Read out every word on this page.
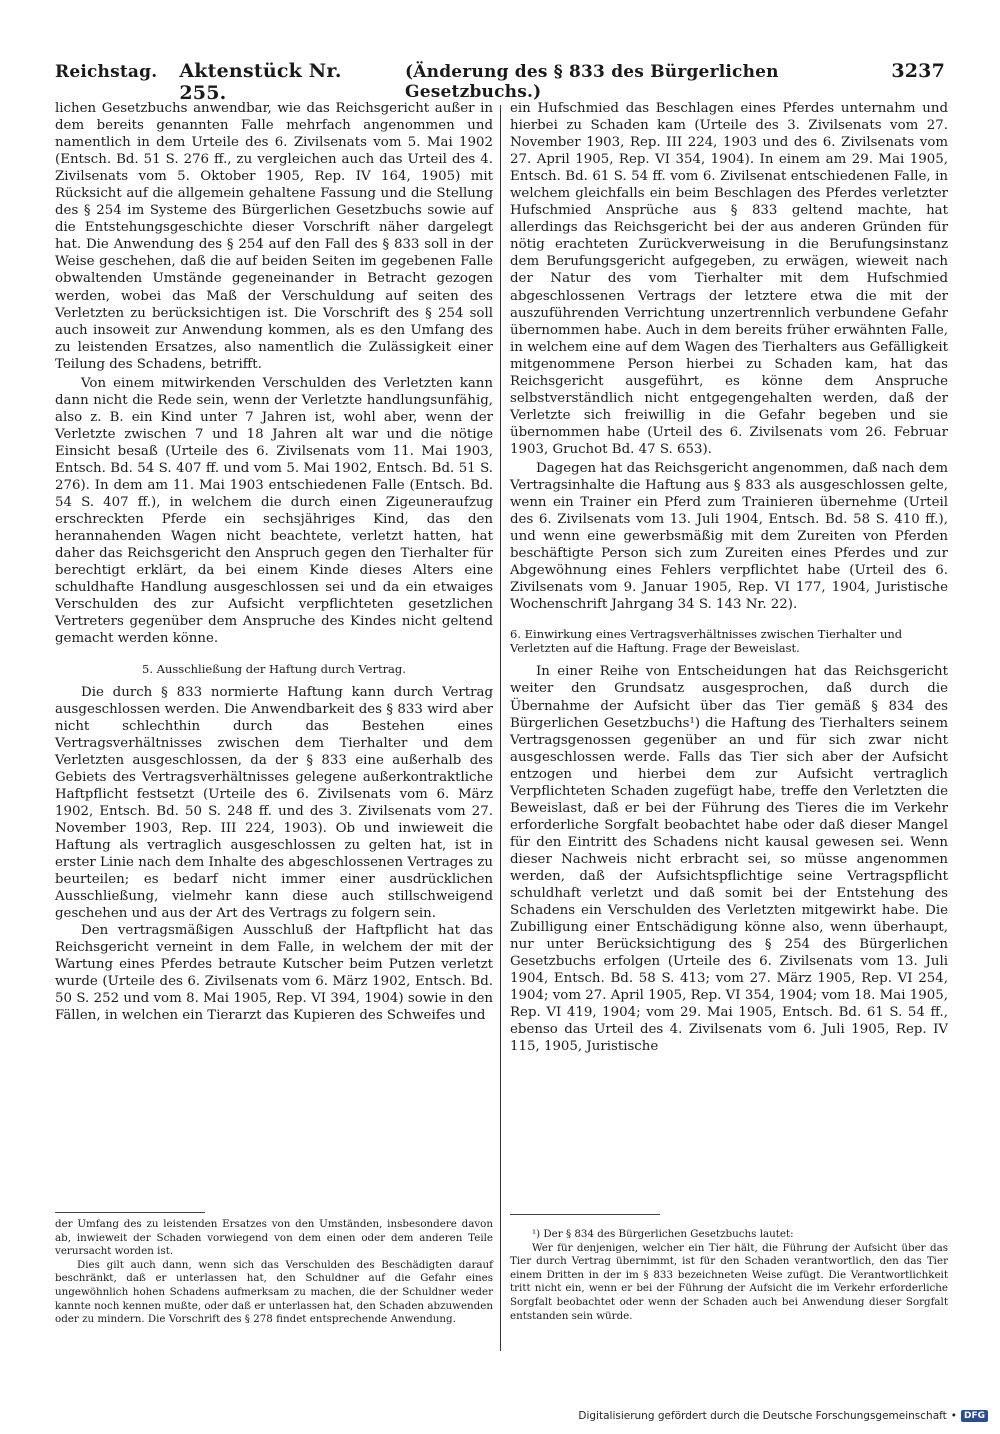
Reichstag. Aktenstück Nr. 255.
(Änderung des § 833 des Bürgerlichen Gesetzbuchs.)
3237

lichen Gesetzbuchs anwendbar, wie das Reichsgericht außer in dem bereits genannten Falle mehrfach angenommen und namentlich in dem Urteile des 6. Zivilsenats vom 5. Mai 1902 (Entsch. Bd. 51 S. 276 ff., zu vergleichen auch das Urteil des 4. Zivilsenats vom 5. Oktober 1905, Rep. IV 164, 1905) mit Rücksicht auf die allgemein gehaltene Fassung und die Stellung des § 254 im Systeme des Bürgerlichen Gesetzbuchs sowie auf die Entstehungsgeschichte dieser Vorschrift näher dargelegt hat. Die Anwendung des § 254 auf den Fall des § 833 soll in der Weise geschehen, daß die auf beiden Seiten im gegebenen Falle obwaltenden Umstände gegeneinander in Betracht gezogen werden, wobei das Maß der Verschuldung auf seiten des Verletzten zu berücksichtigen ist. Die Vorschrift des § 254 soll auch insoweit zur Anwendung kommen, als es den Umfang des zu leistenden Ersatzes, also namentlich die Zulässigkeit einer Teilung des Schadens, betrifft.

Von einem mitwirkenden Verschulden des Verletzten kann dann nicht die Rede sein, wenn der Verletzte handlungsunfähig, also z. B. ein Kind unter 7 Jahren ist, wohl aber, wenn der Verletzte zwischen 7 und 18 Jahren alt war und die nötige Einsicht besaß (Urteile des 6. Zivilsenats vom 11. Mai 1903, Entsch. Bd. 54 S. 407 ff. und vom 5. Mai 1902, Entsch. Bd. 51 S. 276). In dem am 11. Mai 1903 entschiedenen Falle (Entsch. Bd. 54 S. 407 ff.), in welchem die durch einen Zigeuneraufzug erschreckten Pferde ein sechsjähriges Kind, das den herannahenden Wagen nicht beachtete, verletzt hatten, hat daher das Reichsgericht den Anspruch gegen den Tierhalter für berechtigt erklärt, da bei einem Kinde dieses Alters eine schuldhafte Handlung ausgeschlossen sei und da ein etwaiges Verschulden des zur Aufsicht verpflichteten gesetzlichen Vertreters gegenüber dem Anspruche des Kindes nicht geltend gemacht werden könne.

5. Ausschließung der Haftung durch Vertrag.

Die durch § 833 normierte Haftung kann durch Vertrag ausgeschlossen werden. Die Anwendbarkeit des § 833 wird aber nicht schlechthin durch das Bestehen eines Vertragsverhältnisses zwischen dem Tierhalter und dem Verletzten ausgeschlossen, da der § 833 eine außerhalb des Gebiets des Vertragsverhältnisses gelegene außerkontraktliche Haftpflicht festsetzt (Urteile des 6. Zivilsenats vom 6. März 1902, Entsch. Bd. 50 S. 248 ff. und des 3. Zivilsenats vom 27. November 1903, Rep. III 224, 1903). Ob und inwieweit die Haftung als vertraglich ausgeschlossen zu gelten hat, ist in erster Linie nach dem Inhalte des abgeschlossenen Vertrages zu beurteilen; es bedarf nicht immer einer ausdrücklichen Ausschließung, vielmehr kann diese auch stillschweigend geschehen und aus der Art des Vertrags zu folgern sein.

Den vertragsmäßigen Ausschluß der Haftpflicht hat das Reichsgericht verneint in dem Falle, in welchem der mit der Wartung eines Pferdes betraute Kutscher beim Putzen verletzt wurde (Urteile des 6. Zivilsenats vom 6. März 1902, Entsch. Bd. 50 S. 252 und vom 8. Mai 1905, Rep. VI 394, 1904) sowie in den Fällen, in welchen ein Tierarzt das Kupieren des Schweifes und

ein Hufschmied das Beschlagen eines Pferdes unternahm und hierbei zu Schaden kam (Urteile des 3. Zivilsenats vom 27. November 1903, Rep. III 224, 1903 und des 6. Zivilsenats vom 27. April 1905, Rep. VI 354, 1904). In einem am 29. Mai 1905, Entsch. Bd. 61 S. 54 ff. vom 6. Zivilsenat entschiedenen Falle, in welchem gleichfalls ein beim Beschlagen des Pferdes verletzter Hufschmied Ansprüche aus § 833 geltend machte, hat allerdings das Reichsgericht bei der aus anderen Gründen für nötig erachteten Zurückverweisung in die Berufungsinstanz dem Berufungsgericht aufgegeben, zu erwägen, wieweit nach der Natur des vom Tierhalter mit dem Hufschmied abgeschlossenen Vertrags der letztere etwa die mit der auszuführenden Verrichtung unzertrennlich verbundene Gefahr übernommen habe. Auch in dem bereits früher erwähnten Falle, in welchem eine auf dem Wagen des Tierhalters aus Gefälligkeit mitgenommene Person hierbei zu Schaden kam, hat das Reichsgericht ausgeführt, es könne dem Anspruche selbstverständlich nicht entgegengehalten werden, daß der Verletzte sich freiwillig in die Gefahr begeben und sie übernommen habe (Urteil des 6. Zivilsenats vom 26. Februar 1903, Gruchot Bd. 47 S. 653).

Dagegen hat das Reichsgericht angenommen, daß nach dem Vertragsinhalte die Haftung aus § 833 als ausgeschlossen gelte, wenn ein Trainer ein Pferd zum Trainieren übernehme (Urteil des 6. Zivilsenats vom 13. Juli 1904, Entsch. Bd. 58 S. 410 ff.), und wenn eine gewerbsmäßig mit dem Zureiten von Pferden beschäftigte Person sich zum Zureiten eines Pferdes und zur Abgewöhnung eines Fehlers verpflichtet habe (Urteil des 6. Zivilsenats vom 9. Januar 1905, Rep. VI 177, 1904, Juristische Wochenschrift Jahrgang 34 S. 143 Nr. 22).

6. Einwirkung eines Vertragsverhältnisses zwischen Tierhalter und Verletzten auf die Haftung. Frage der Beweislast.

In einer Reihe von Entscheidungen hat das Reichsgericht weiter den Grundsatz ausgesprochen, daß durch die Übernahme der Aufsicht über das Tier gemäß § 834 des Bürgerlichen Gesetzbuchs¹) die Haftung des Tierhalters seinem Vertragsgenossen gegenüber an und für sich zwar nicht ausgeschlossen werde. Falls das Tier sich aber der Aufsicht entzogen und hierbei dem zur Aufsicht vertraglich Verpflichteten Schaden zugefügt habe, treffe den Verletzten die Beweislast, daß er bei der Führung des Tieres die im Verkehr erforderliche Sorgfalt beobachtet habe oder daß dieser Mangel für den Eintritt des Schadens nicht kausal gewesen sei. Wenn dieser Nachweis nicht erbracht sei, so müsse angenommen werden, daß der Aufsichtspflichtige seine Vertragspflicht schuldhaft verletzt und daß somit bei der Entstehung des Schadens ein Verschulden des Verletzten mitgewirkt habe. Die Zubilligung einer Entschädigung könne also, wenn überhaupt, nur unter Berücksichtigung des § 254 des Bürgerlichen Gesetzbuchs erfolgen (Urteile des 6. Zivilsenats vom 13. Juli 1904, Entsch. Bd. 58 S. 413; vom 27. März 1905, Rep. VI 254, 1904; vom 27. April 1905, Rep. VI 354, 1904; vom 18. Mai 1905, Rep. VI 419, 1904; vom 29. Mai 1905, Entsch. Bd. 61 S. 54 ff., ebenso das Urteil des 4. Zivilsenats vom 6. Juli 1905, Rep. IV 115, 1905, Juristische

der Umfang des zu leistenden Ersatzes von den Umständen, insbesondere davon ab, inwieweit der Schaden vorwiegend von dem einen oder dem anderen Teile verursacht worden ist.

Dies gilt auch dann, wenn sich das Verschulden des Beschädigten darauf beschränkt, daß er unterlassen hat, den Schuldner auf die Gefahr eines ungewöhnlich hohen Schadens aufmerksam zu machen, die der Schuldner weder kannte noch kennen mußte, oder daß er unterlassen hat, den Schaden abzuwenden oder zu mindern. Die Vorschrift des § 278 findet entsprechende Anwendung.

¹) Der § 834 des Bürgerlichen Gesetzbuchs lautet:

Wer für denjenigen, welcher ein Tier hält, die Führung der Aufsicht über das Tier durch Vertrag übernimmt, ist für den Schaden verantwortlich, den das Tier einem Dritten in der im § 833 bezeichneten Weise zufügt. Die Verantwortlichkeit tritt nicht ein, wenn er bei der Führung der Aufsicht die im Verkehr erforderliche Sorgfalt beobachtet oder wenn der Schaden auch bei Anwendung dieser Sorgfalt entstanden sein würde.

Digitalisierung gefördert durch die Deutsche Forschungsgemeinschaft • DFG
